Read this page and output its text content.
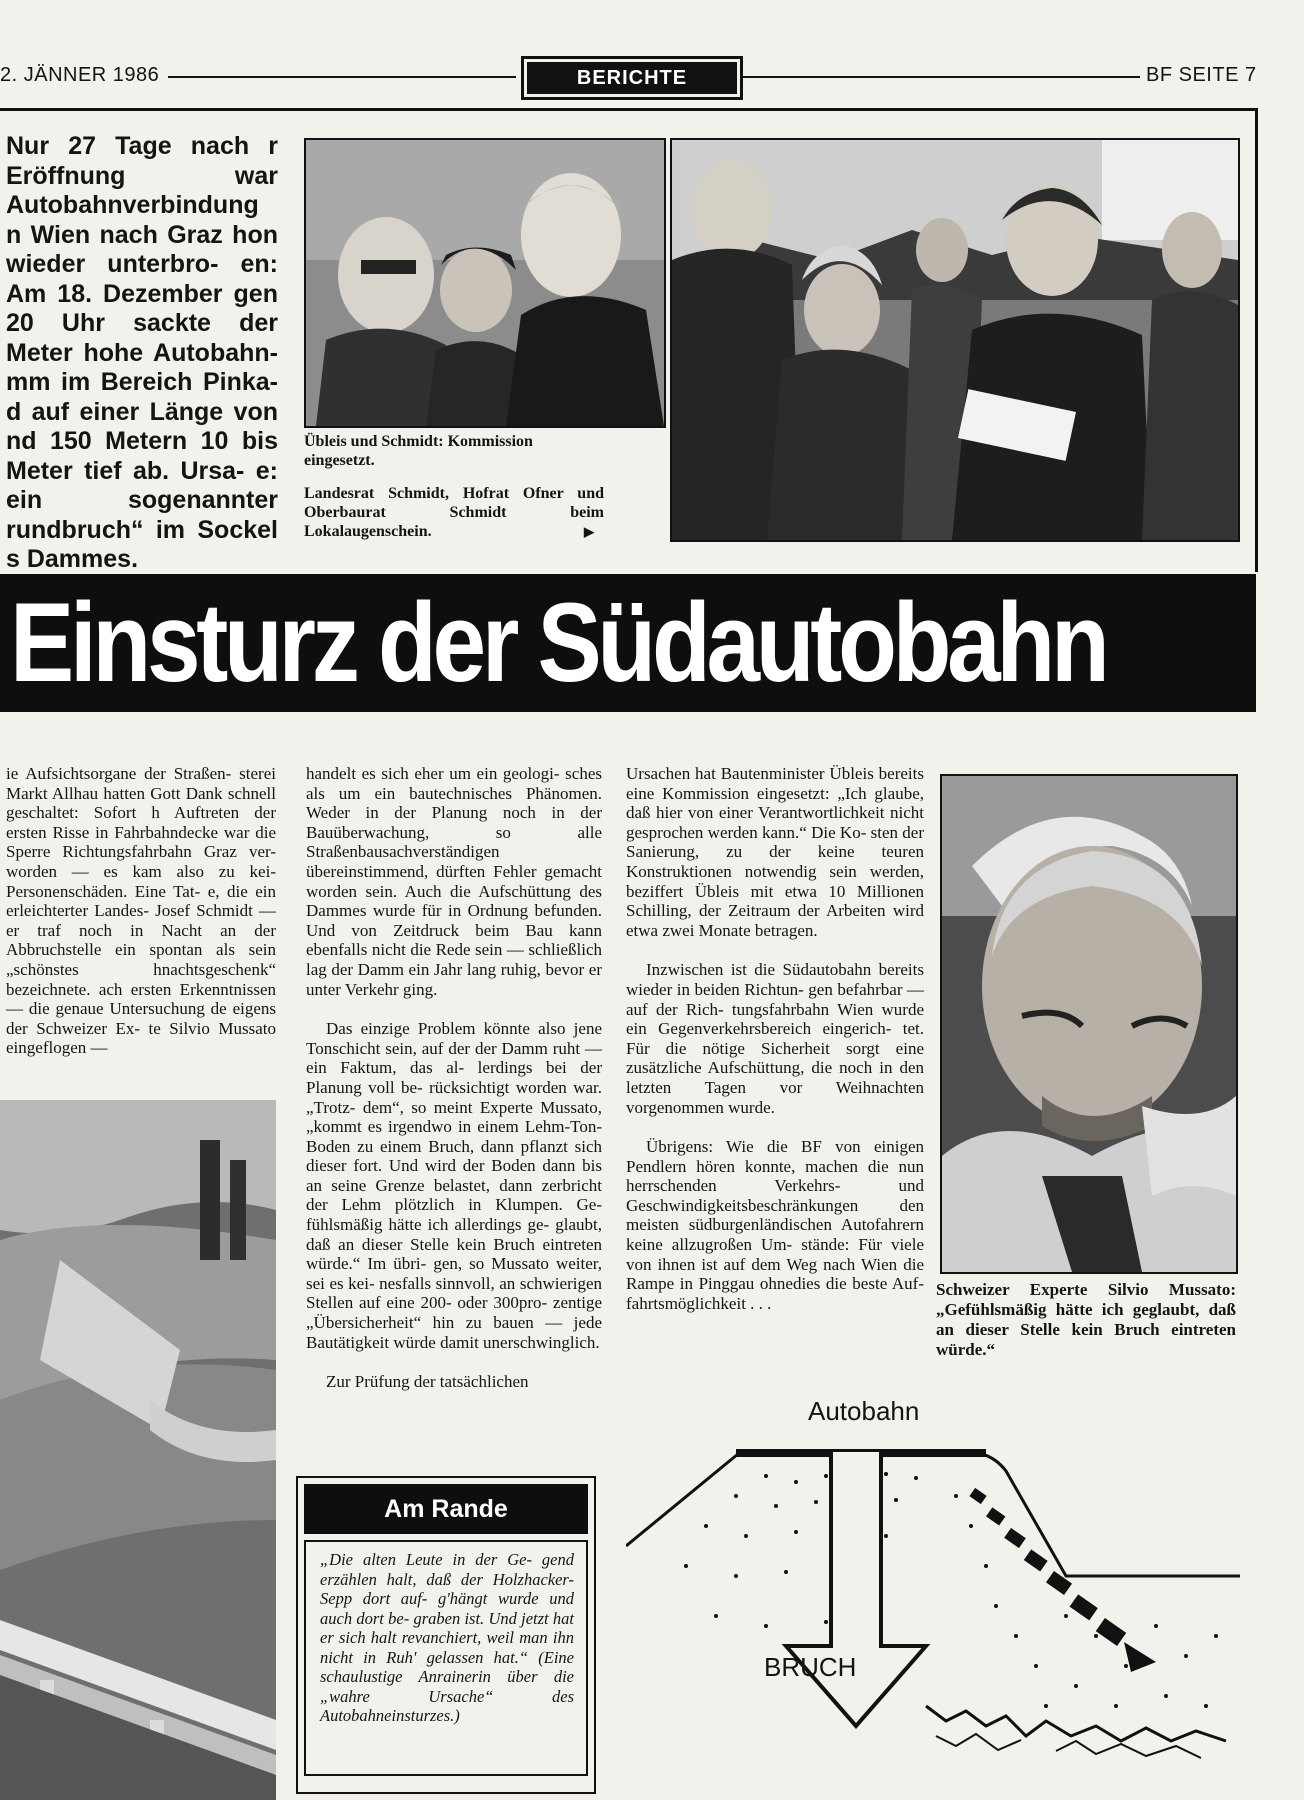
2. JÄNNER 1986	BERICHTE	BF SEITE 7
Nur 27 Tage nach r Eröffnung war Autobahnverbindung n Wien nach Graz hon wieder unterbro- en: Am 18. Dezember gen 20 Uhr sackte der Meter hohe Autobahn- mm im Bereich Pinka- d auf einer Länge von nd 150 Metern 10 bis Meter tief ab. Ursa- e: ein sogenannter rundbruch“ im Sockel s Dammes.
Übleis und Schmidt: Kommission eingesetzt.
Landesrat Schmidt, Hofrat Ofner und Oberbaurat Schmidt beim Lokalaugenschein.	▶
Einsturz der Südautobahn

ie Aufsichtsorgane der Straßen- sterei Markt Allhau hatten Gott Dank schnell geschaltet: Sofort h Auftreten der ersten Risse in Fahrbahndecke war die Sperre Richtungsfahrbahn Graz ver- worden — es kam also zu kei- Personenschäden. Eine Tat- e, die ein erleichterter Landes- Josef Schmidt — er traf noch in Nacht an der Abbruchstelle ein spontan als sein „schönstes hnachtsgeschenk“ bezeichnete. ach ersten Erkenntnissen — die genaue Untersuchung de eigens der Schweizer Ex- te Silvio Mussato eingeflogen —

handelt es sich eher um ein geologi- sches als um ein bautechnisches Phänomen. Weder in der Planung noch in der Bauüberwachung, so alle Straßenbausachverständigen übereinstimmend, dürften Fehler gemacht worden sein. Auch die Aufschüttung des Dammes wurde für in Ordnung befunden. Und von Zeitdruck beim Bau kann ebenfalls nicht die Rede sein — schließlich lag der Damm ein Jahr lang ruhig, bevor er unter Verkehr ging.

Das einzige Problem könnte also jene Tonschicht sein, auf der der Damm ruht — ein Faktum, das al- lerdings bei der Planung voll be- rücksichtigt worden war. „Trotz- dem“, so meint Experte Mussato, „kommt es irgendwo in einem Lehm-Ton-Boden zu einem Bruch, dann pflanzt sich dieser fort. Und wird der Boden dann bis an seine Grenze belastet, dann zerbricht der Lehm plötzlich in Klumpen. Ge- fühlsmäßig hätte ich allerdings ge- glaubt, daß an dieser Stelle kein Bruch eintreten würde.“ Im übri- gen, so Mussato weiter, sei es kei- nesfalls sinnvoll, an schwierigen Stellen auf eine 200- oder 300pro- zentige „Übersicherheit“ hin zu bauen — jede Bautätigkeit würde damit unerschwinglich.

Zur Prüfung der tatsächlichen

Am Rande
„Die alten Leute in der Ge- gend erzählen halt, daß der Holzhacker-Sepp dort auf- g'hängt wurde und auch dort be- graben ist. Und jetzt hat er sich halt revanchiert, weil man ihn nicht in Ruh' gelassen hat.“ (Eine schaulustige Anrainerin über die „wahre Ursache“ des Autobahneinsturzes.)

Ursachen hat Bautenminister Übleis bereits eine Kommission eingesetzt: „Ich glaube, daß hier von einer Verantwortlichkeit nicht gesprochen werden kann.“ Die Ko- sten der Sanierung, zu der keine teuren Konstruktionen notwendig sein werden, beziffert Übleis mit etwa 10 Millionen Schilling, der Zeitraum der Arbeiten wird etwa zwei Monate betragen.

Inzwischen ist die Südautobahn bereits wieder in beiden Richtun- gen befahrbar — auf der Rich- tungsfahrbahn Wien wurde ein Gegenverkehrsbereich eingerich- tet. Für die nötige Sicherheit sorgt eine zusätzliche Aufschüttung, die noch in den letzten Tagen vor Weihnachten vorgenommen wurde.

Übrigens: Wie die BF von einigen Pendlern hören konnte, machen die nun herrschenden Verkehrs- und Geschwindigkeitsbeschränkungen den meisten südburgenländischen Autofahrern keine allzugroßen Um- stände: Für viele von ihnen ist auf dem Weg nach Wien die Rampe in Pinggau ohnedies die beste Auf- fahrtsmöglichkeit . . .

Schweizer Experte Silvio Mussato: „Gefühlsmäßig hätte ich geglaubt, daß an dieser Stelle kein Bruch eintreten würde.“
Autobahn
BRUCH
